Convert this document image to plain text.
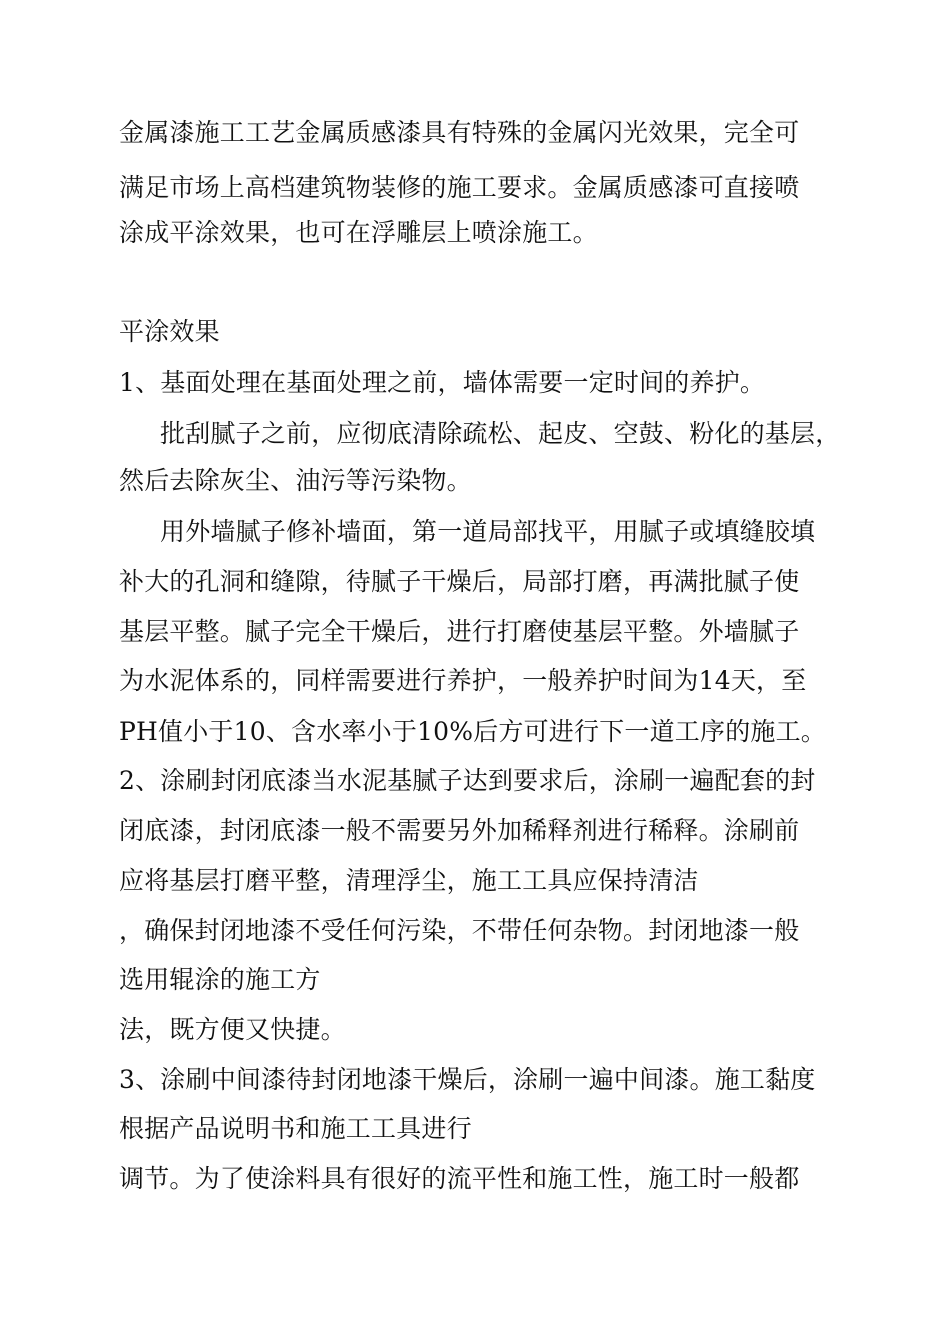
金属漆施工工艺金属质感漆具有特殊的金属闪光效果，完全可
满足市场上高档建筑物装修的施工要求。金属质感漆可直接喷
涂成平涂效果，也可在浮雕层上喷涂施工。
平涂效果
1、基面处理在基面处理之前，墙体需要一定时间的养护。
批刮腻子之前，应彻底清除疏松、起皮、空鼓、粉化的基层，
然后去除灰尘、油污等污染物。
用外墙腻子修补墙面，第一道局部找平，用腻子或填缝胶填
补大的孔洞和缝隙，待腻子干燥后，局部打磨，再满批腻子使
基层平整。腻子完全干燥后，进行打磨使基层平整。外墙腻子
为水泥体系的，同样需要进行养护，一般养护时间为14天，至
PH值小于10、含水率小于10%后方可进行下一道工序的施工。
2、涂刷封闭底漆当水泥基腻子达到要求后，涂刷一遍配套的封
闭底漆，封闭底漆一般不需要另外加稀释剂进行稀释。涂刷前
应将基层打磨平整，清理浮尘，施工工具应保持清洁
，确保封闭地漆不受任何污染，不带任何杂物。封闭地漆一般
选用辊涂的施工方
法，既方便又快捷。
3、涂刷中间漆待封闭地漆干燥后，涂刷一遍中间漆。施工黏度
根据产品说明书和施工工具进行
调节。为了使涂料具有很好的流平性和施工性，施工时一般都
